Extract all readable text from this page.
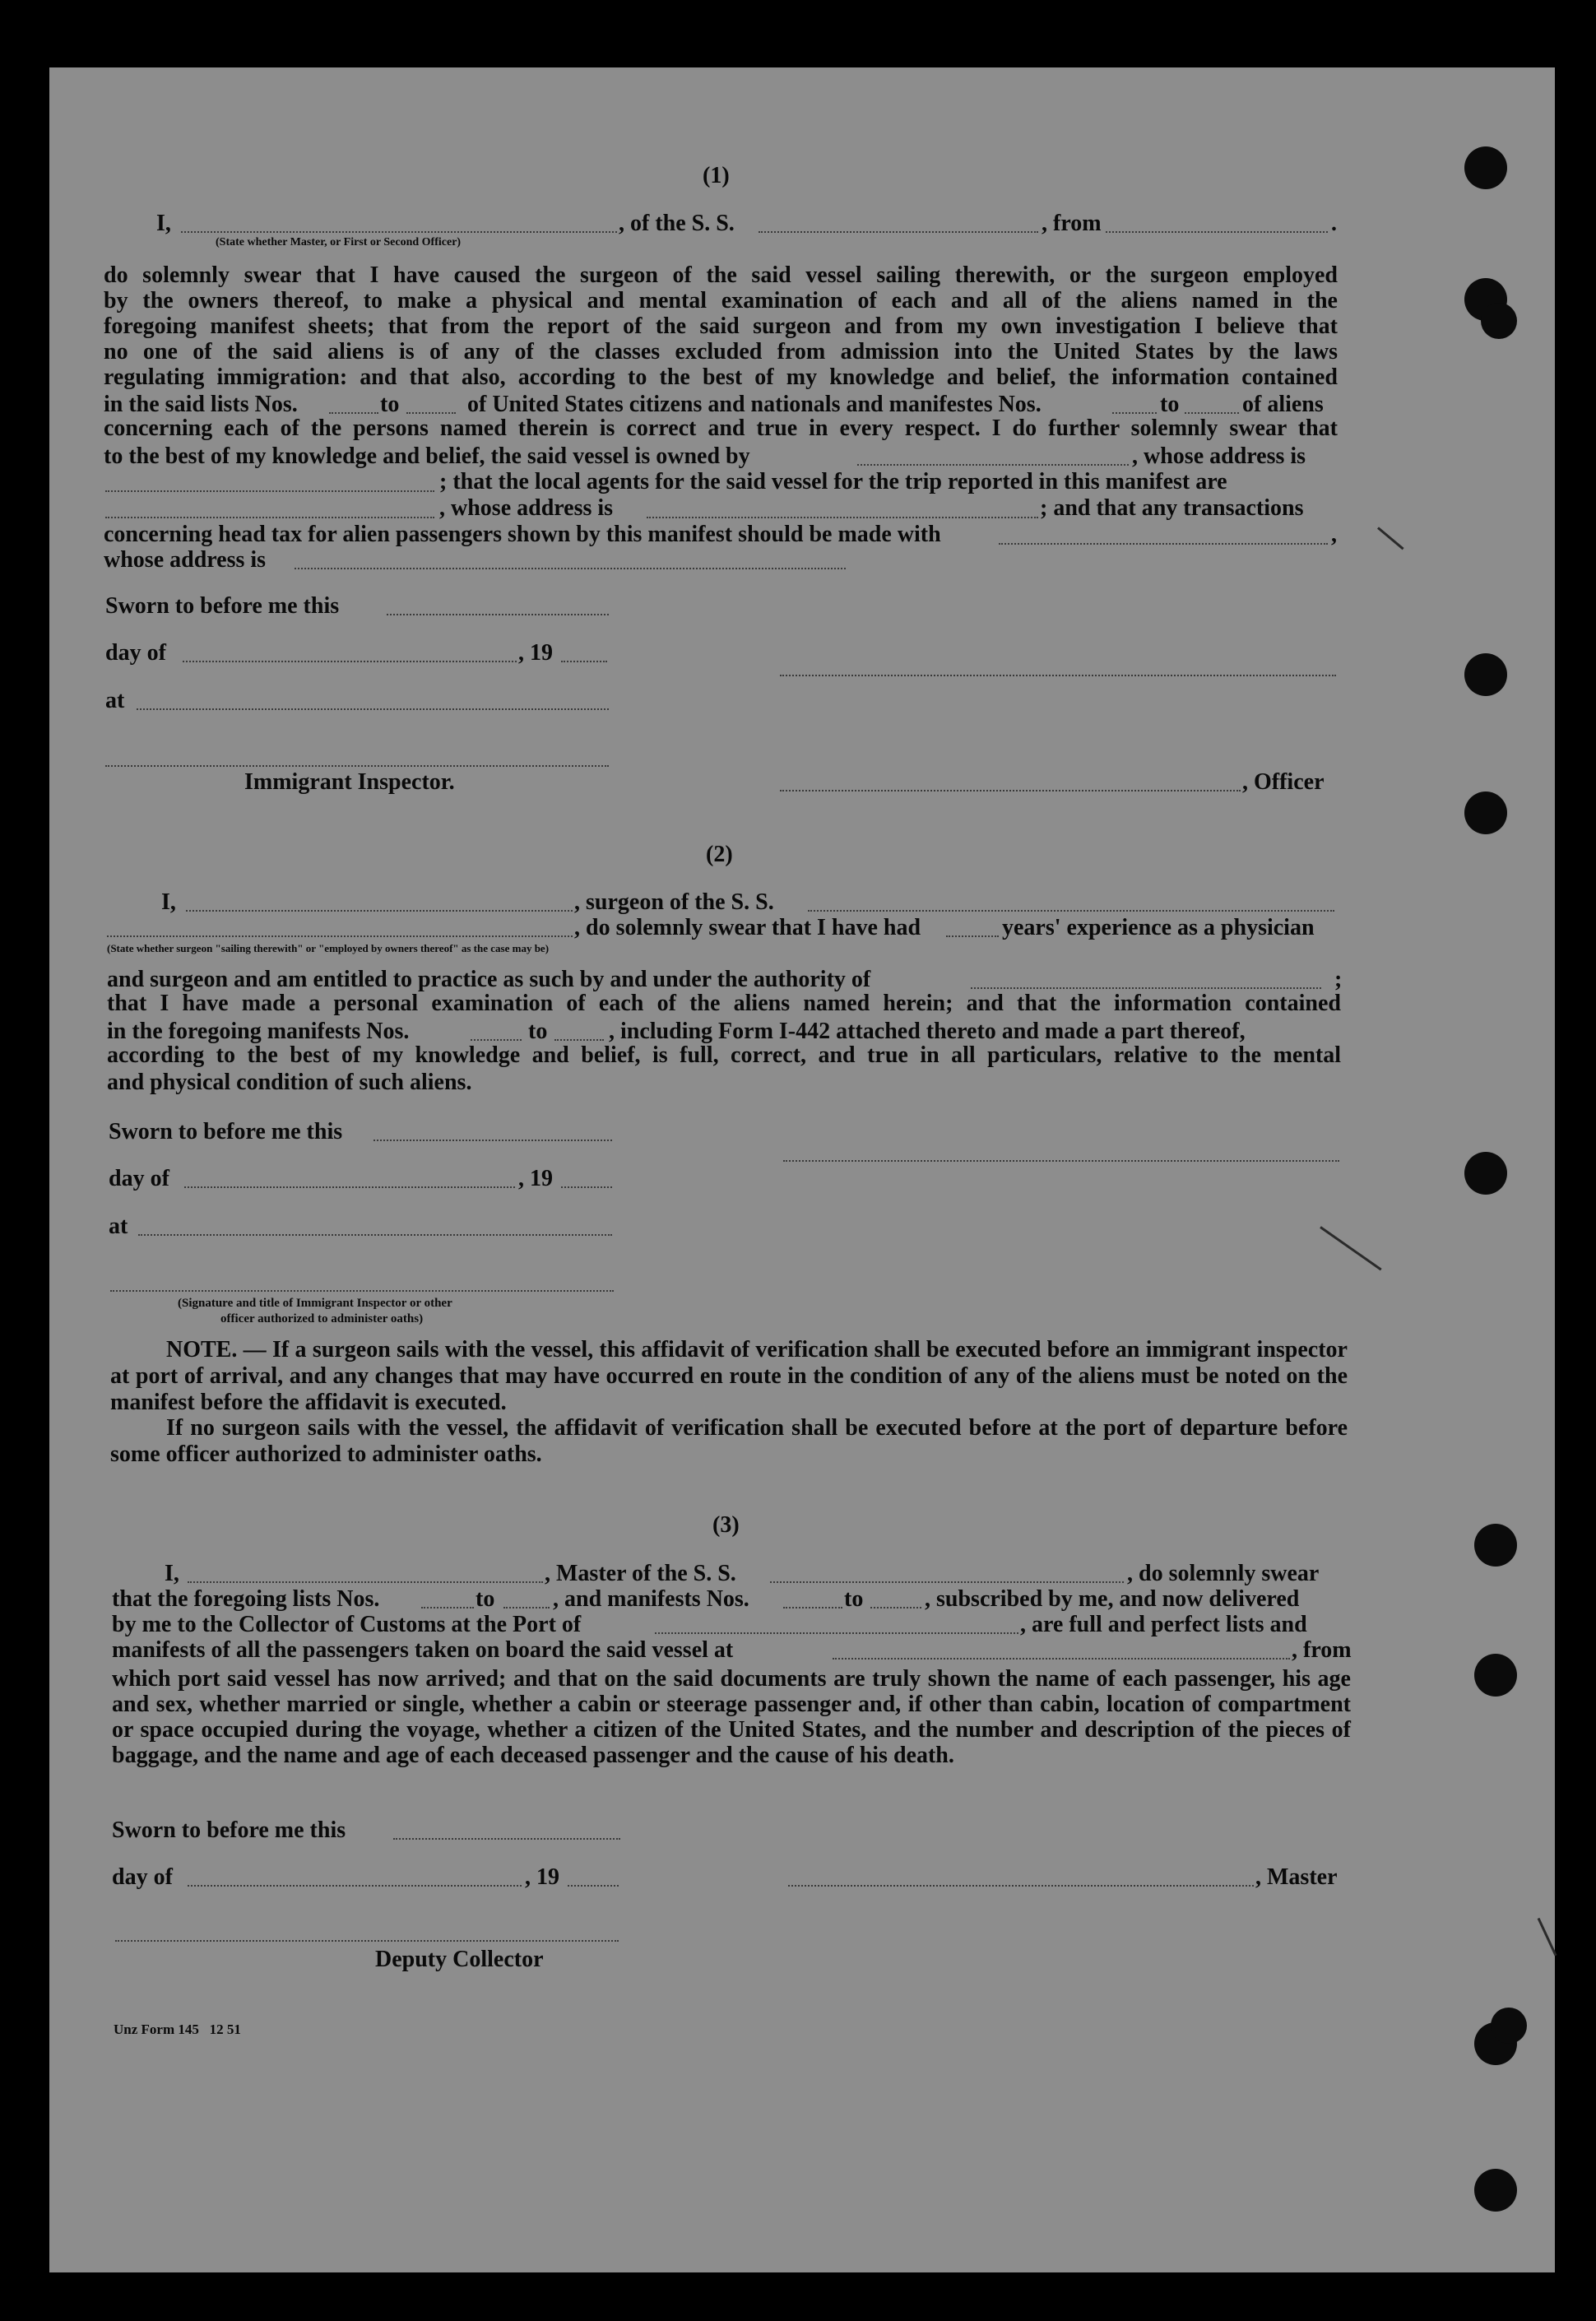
(1)
I,	, of the S. S.	, from	.
(State whether Master, or First or Second Officer)
do solemnly swear that I have caused the surgeon of the said vessel sailing therewith, or the surgeon employed
by the owners thereof, to make a physical and mental examination of each and all of the aliens named in the
foregoing manifest sheets; that from the report of the said surgeon and from my own investigation I believe that
no one of the said aliens is of any of the classes excluded from admission into the United States by the laws
regulating immigration: and that also, according to the best of my knowledge and belief, the information contained
in the said lists Nos.	to	of United States citizens and nationals and manifestes Nos.	to	of aliens
concerning each of the persons named therein is correct and true in every respect. I do further solemnly swear that
to the best of my knowledge and belief, the said vessel is owned by	, whose address is
; that the local agents for the said vessel for the trip reported in this manifest are
, whose address is	; and that any transactions
concerning head tax for alien passengers shown by this manifest should be made with	,
whose address is
Sworn to before me this
day of	, 19
at
Immigrant Inspector.	, Officer
(2)
I,	, surgeon of the S. S.
, do solemnly swear that I have had	years' experience as a physician
(State whether surgeon "sailing therewith" or "employed by owners thereof" as the case may be)
and surgeon and am entitled to practice as such by and under the authority of	;
that I have made a personal examination of each of the aliens named herein; and that the information contained
in the foregoing manifests Nos.	to	, including Form I-442 attached thereto and made a part thereof,
according to the best of my knowledge and belief, is full, correct, and true in all particulars, relative to the mental
and physical condition of such aliens.
Sworn to before me this
day of	, 19
at
(Signature and title of Immigrant Inspector or other
officer authorized to administer oaths)
NOTE. — If a surgeon sails with the vessel, this affidavit of verification shall be executed before an immigrant inspector at port of arrival, and any changes that may have occurred en route in the condition of any of the aliens must be noted on the manifest before the affidavit is executed.
If no surgeon sails with the vessel, the affidavit of verification shall be executed before at the port of departure before some officer authorized to administer oaths.
(3)
I,	, Master of the S. S.	, do solemnly swear
that the foregoing lists Nos.	to	, and manifests Nos.	to	, subscribed by me, and now delivered
by me to the Collector of Customs at the Port of	, are full and perfect lists and
manifests of all the passengers taken on board the said vessel at	, from
which port said vessel has now arrived; and that on the said documents are truly shown the name of each passenger, his age and sex, whether married or single, whether a cabin or steerage passenger and, if other than cabin, location of compartment or space occupied during the voyage, whether a citizen of the United States, and the number and description of the pieces of baggage, and the name and age of each deceased passenger and the cause of his death.
Sworn to before me this
day of	, 19	, Master
Deputy Collector
Unz Form 145   12 51
